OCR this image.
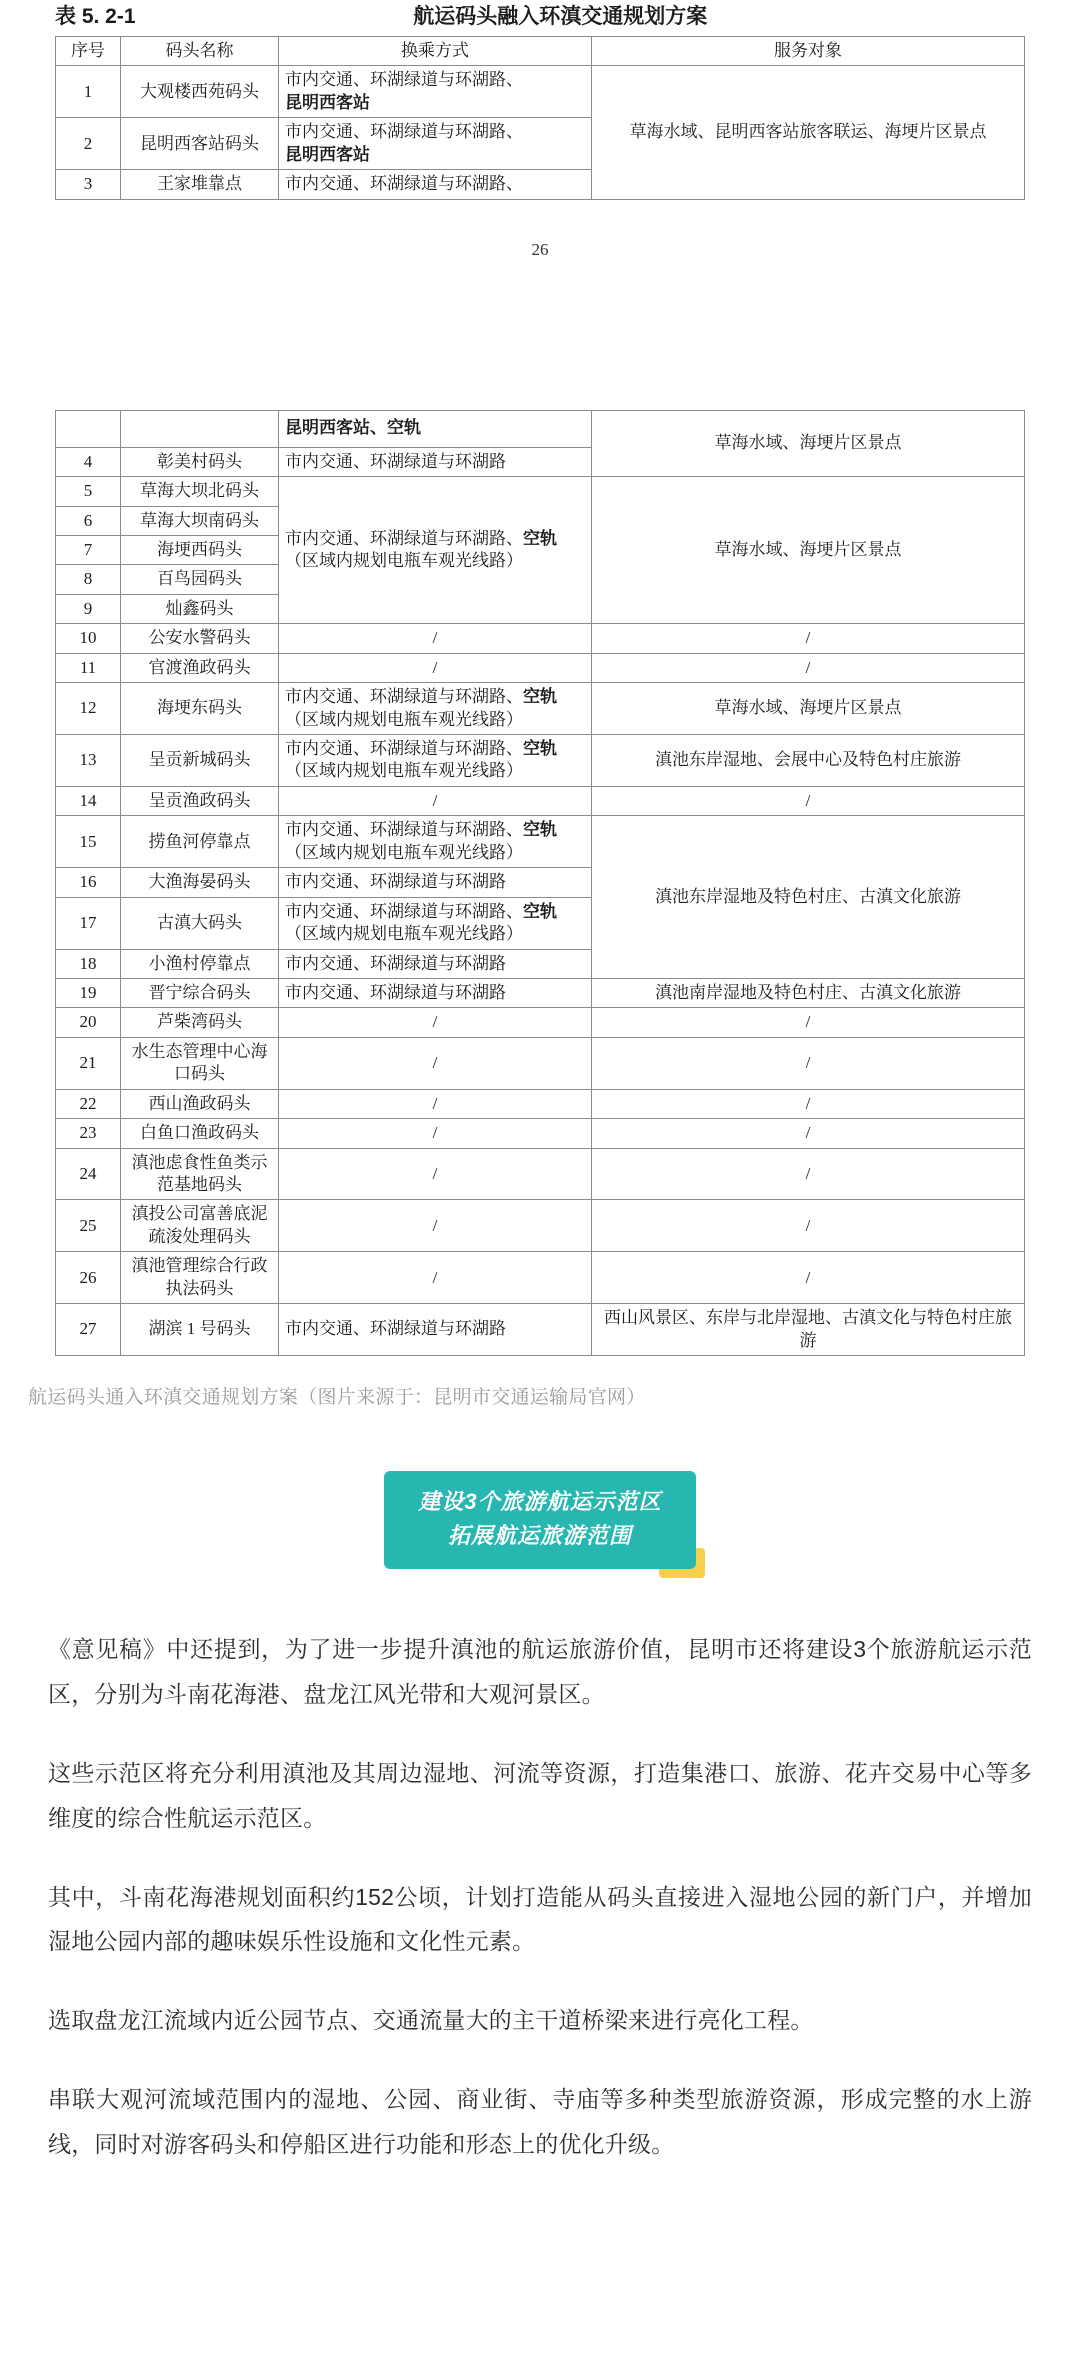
表 5. 2-1	航运码头融入环滇交通规划方案
序号	码头名称	换乘方式	服务对象
1	大观楼西苑码头	市内交通、环湖绿道与环湖路、
昆明西客站	草海水域、昆明西客站旅客联运、海埂片区景点
2	昆明西客站码头	市内交通、环湖绿道与环湖路、
昆明西客站	
3	王家堆靠点	市内交通、环湖绿道与环湖路、	
26
		昆明西客站、空轨	草海水域、海埂片区景点
4	彰美村码头	市内交通、环湖绿道与环湖路	
5	草海大坝北码头	市内交通、环湖绿道与环湖路、空轨（区域内规划电瓶车观光线路）	草海水域、海埂片区景点
6	草海大坝南码头		
7	海埂西码头		
8	百鸟园码头		
9	灿鑫码头		
10	公安水警码头	/	/
11	官渡渔政码头	/	/
12	海埂东码头	市内交通、环湖绿道与环湖路、空轨（区域内规划电瓶车观光线路）	草海水域、海埂片区景点
13	呈贡新城码头	市内交通、环湖绿道与环湖路、空轨（区域内规划电瓶车观光线路）	滇池东岸湿地、会展中心及特色村庄旅游
14	呈贡渔政码头	/	/
15	捞鱼河停靠点	市内交通、环湖绿道与环湖路、空轨（区域内规划电瓶车观光线路）	滇池东岸湿地及特色村庄、古滇文化旅游
16	大渔海晏码头	市内交通、环湖绿道与环湖路	
17	古滇大码头	市内交通、环湖绿道与环湖路、空轨（区域内规划电瓶车观光线路）	
18	小渔村停靠点	市内交通、环湖绿道与环湖路	
19	晋宁综合码头	市内交通、环湖绿道与环湖路	滇池南岸湿地及特色村庄、古滇文化旅游
20	芦柴湾码头	/	/
21	水生态管理中心海口码头	/	/
22	西山渔政码头	/	/
23	白鱼口渔政码头	/	/
24	滇池虑食性鱼类示范基地码头	/	/
25	滇投公司富善底泥疏浚处理码头	/	/
26	滇池管理综合行政执法码头	/	/
27	湖滨 1 号码头	市内交通、环湖绿道与环湖路	西山风景区、东岸与北岸湿地、古滇文化与特色村庄旅游
航运码头通入环滇交通规划方案（图片来源于：昆明市交通运输局官网）
建设3个旅游航运示范区
拓展航运旅游范围

《意见稿》中还提到，为了进一步提升滇池的航运旅游价值，昆明市还将建设3个旅游航运示范区，分别为斗南花海港、盘龙江风光带和大观河景区。

这些示范区将充分利用滇池及其周边湿地、河流等资源，打造集港口、旅游、花卉交易中心等多维度的综合性航运示范区。

其中，斗南花海港规划面积约152公顷，计划打造能从码头直接进入湿地公园的新门户，并增加湿地公园内部的趣味娱乐性设施和文化性元素。

选取盘龙江流域内近公园节点、交通流量大的主干道桥梁来进行亮化工程。

串联大观河流域范围内的湿地、公园、商业街、寺庙等多种类型旅游资源，形成完整的水上游线，同时对游客码头和停船区进行功能和形态上的优化升级。
